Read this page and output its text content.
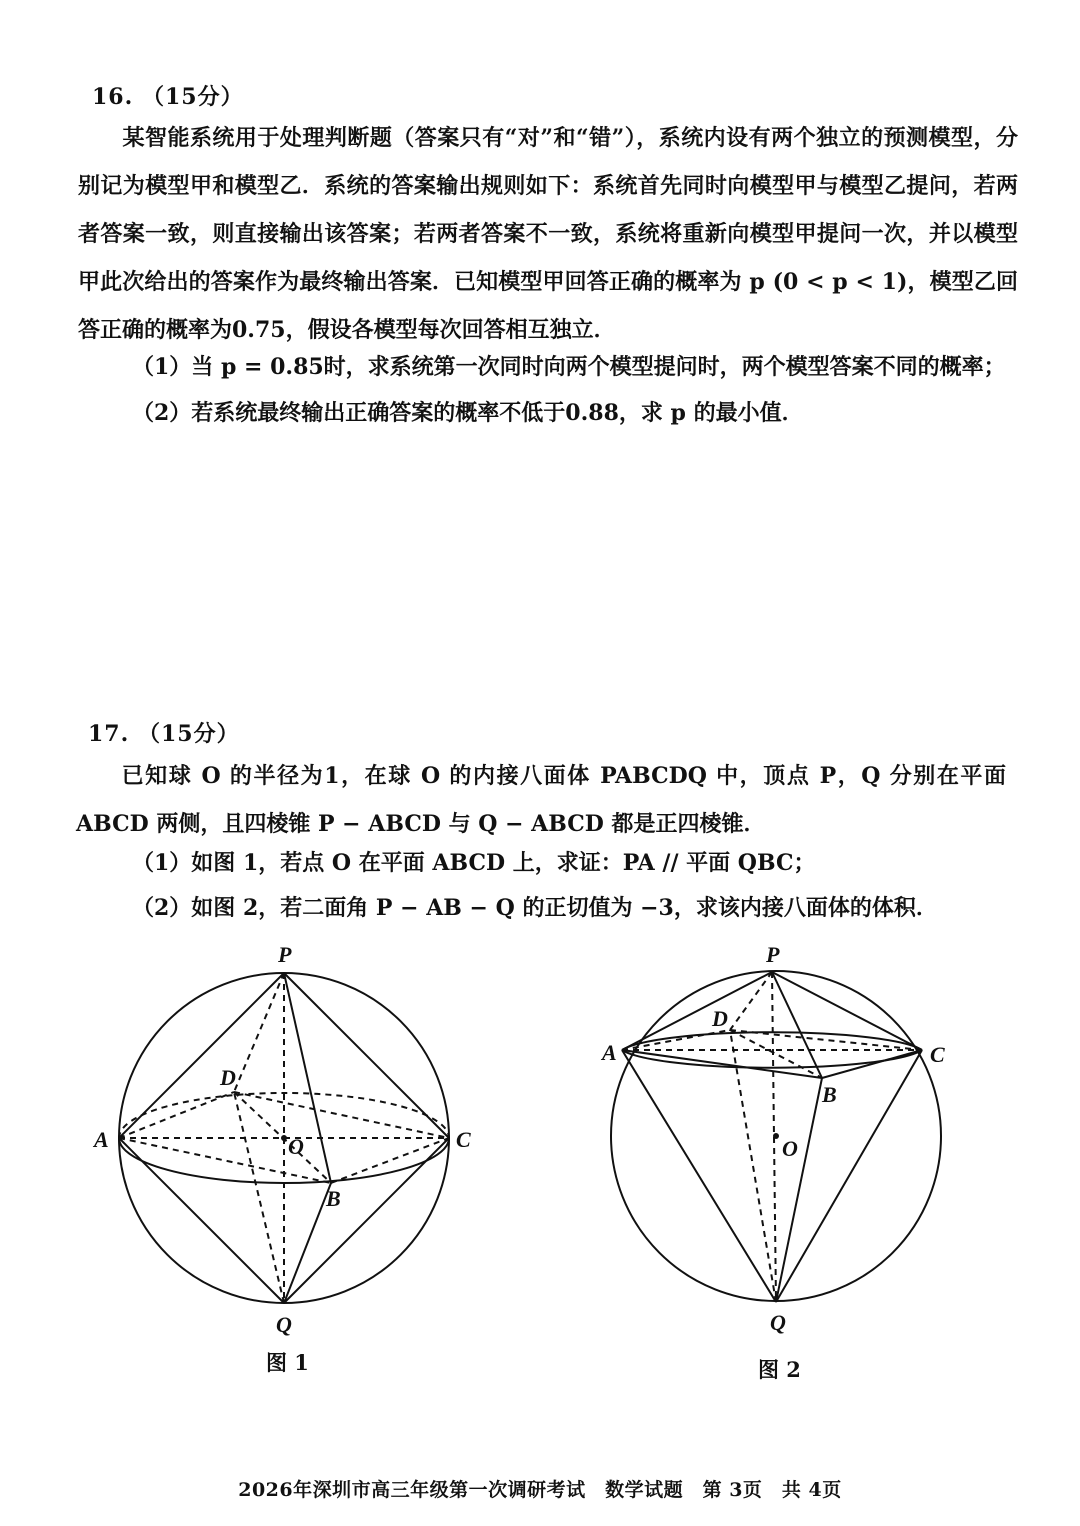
16. （15分）
某智能系统用于处理判断题（答案只有“对”和“错”），系统内设有两个独立的预测模型，分别记为模型甲和模型乙．系统的答案输出规则如下：系统首先同时向模型甲与模型乙提问，若两者答案一致，则直接输出该答案；若两者答案不一致，系统将重新向模型甲提问一次，并以模型甲此次给出的答案作为最终输出答案．已知模型甲回答正确的概率为 p (0 < p < 1)，模型乙回答正确的概率为0.75，假设各模型每次回答相互独立．
（1）当 p = 0.85时，求系统第一次同时向两个模型提问时，两个模型答案不同的概率；
（2）若系统最终输出正确答案的概率不低于0.88，求 p 的最小值．
17. （15分）
已知球 O 的半径为1，在球 O 的内接八面体 PABCDQ 中，顶点 P，Q 分别在平面 ABCD 两侧，且四棱锥 P − ABCD 与 Q − ABCD 都是正四棱锥．
（1）如图 1，若点 O 在平面 ABCD 上，求证：PA // 平面 QBC；
（2）如图 2，若二面角 P − AB − Q 的正切值为 −3，求该内接八面体的体积．
P
A	C
D
B
O
Q
图 1
P
A	C
D
B
O
Q
图 2
2026年深圳市高三年级第一次调研考试　数学试题　第 3页　共 4页
